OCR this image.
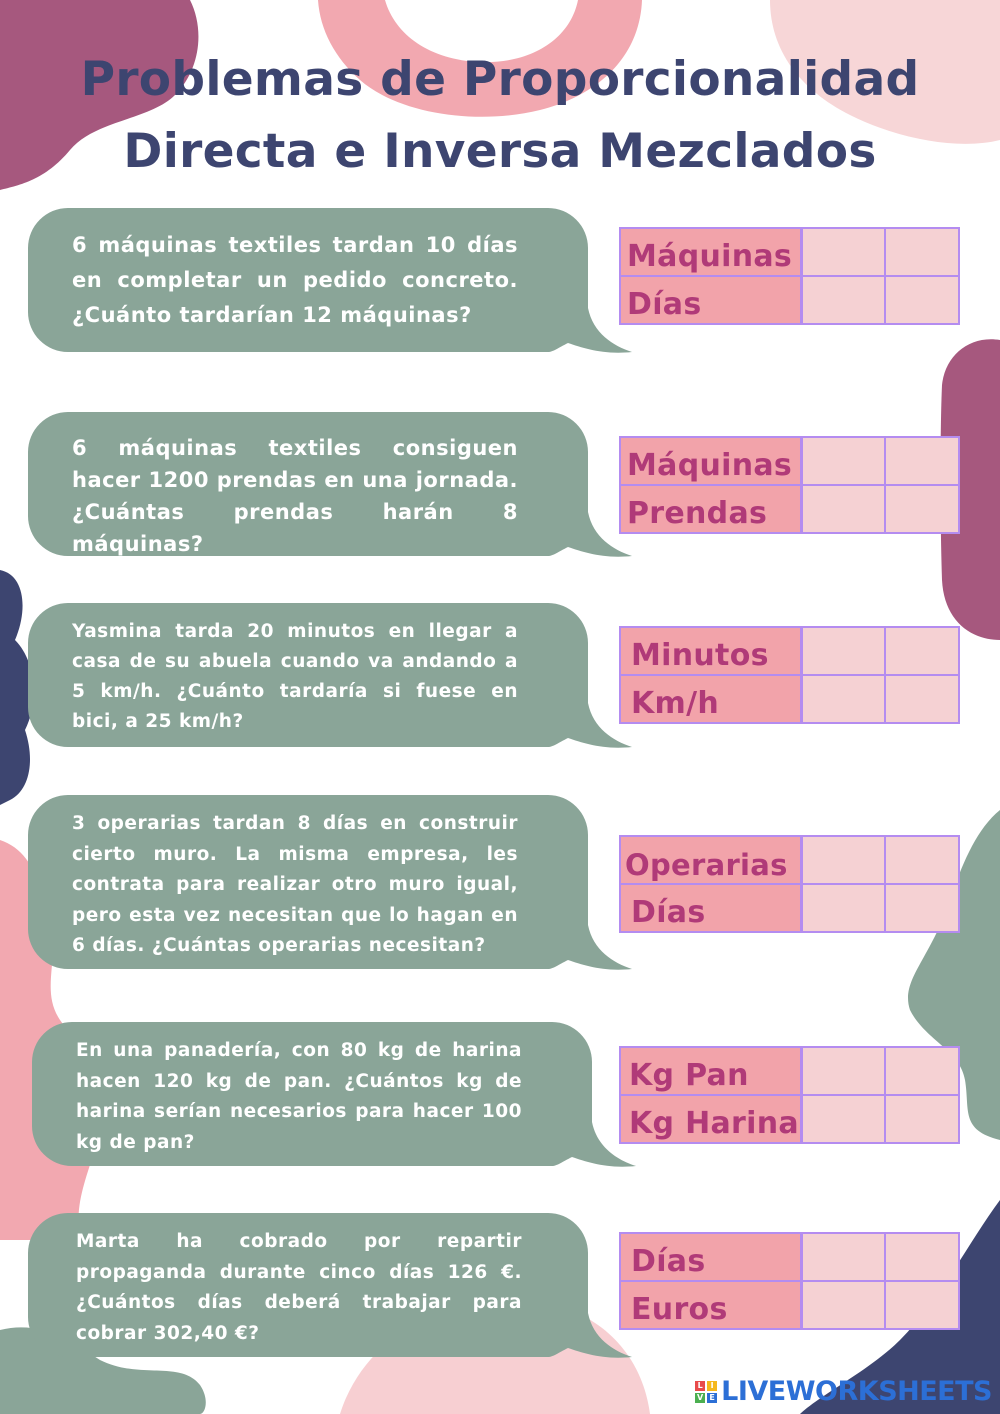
Problemas de Proporcionalidad
Directa e Inversa Mezclados
6 máquinas textiles tardan 10 días en completar un pedido concreto. ¿Cuánto tardarían 12 máquinas?
Máquinas
Días
6 máquinas textiles consiguen hacer 1200 prendas en una jornada. ¿Cuántas prendas harán 8 máquinas?
Máquinas
Prendas
Yasmina tarda 20 minutos en llegar a casa de su abuela cuando va andando a 5 km/h. ¿Cuánto tardaría si fuese en bici, a 25 km/h?
Minutos
Km/h
3 operarias tardan 8 días en construir cierto muro. La misma empresa, les contrata para realizar otro muro igual, pero esta vez necesitan que lo hagan en 6 días. ¿Cuántas operarias necesitan?
Operarias
Días
En una panadería, con 80 kg de harina hacen 120 kg de pan. ¿Cuántos kg de harina serían necesarios para hacer 100 kg de pan?
Kg Pan
Kg Harina
Marta ha cobrado por repartir propaganda durante cinco días 126 €. ¿Cuántos días deberá trabajar para cobrar 302,40 €?
Días
Euros
L I
V E LIVEWORKSHEETS
